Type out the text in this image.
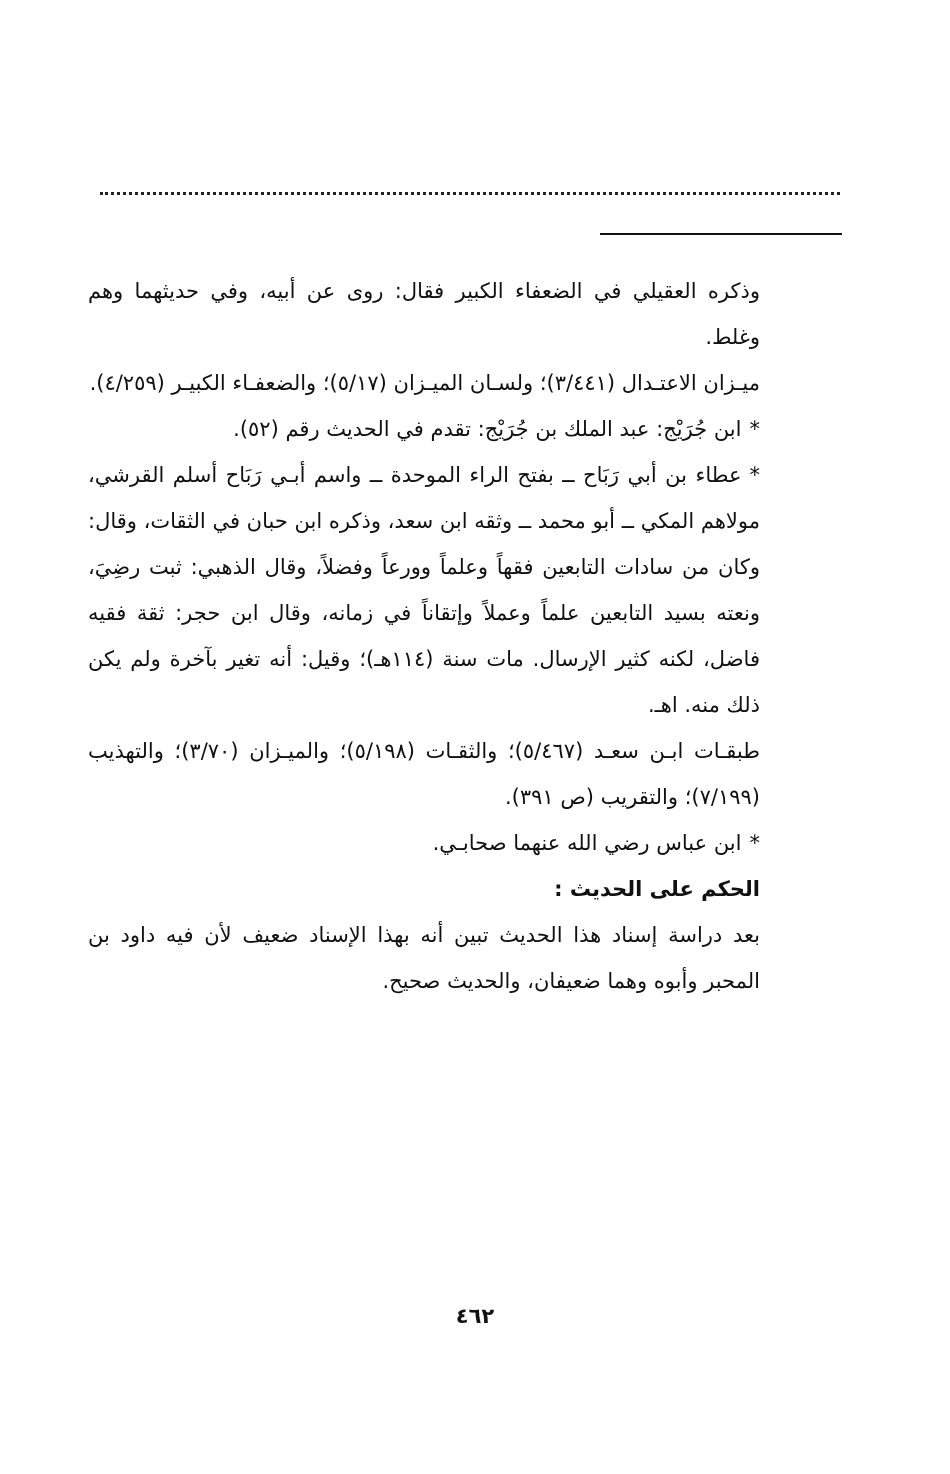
وذكره العقيلي في الضعفاء الكبير فقال: روى عن أبيه، وفي حديثهما وهم وغلط.

ميـزان الاعتـدال (٣/٤٤١)؛ ولسـان الميـزان (٥/١٧)؛ والضعفـاء الكبيـر (٤/٢٥٩).

*ابن جُرَيْج: عبد الملك بن جُرَيْج: تقدم في الحديث رقم (٥٢).

*عطاء بن أبي رَبَاح ــ بفتح الراء الموحدة ــ واسم أبـي رَبَاح أسلم القرشي، مولاهم المكي ــ أبو محمد ــ وثقه ابن سعد، وذكره ابن حبان في الثقات، وقال: وكان من سادات التابعين فقهاً وعلماً وورعاً وفضلاً، وقال الذهبي: ثبت رضِيَ، ونعته بسيد التابعين علماً وعملاً وإتقاناً في زمانه، وقال ابن حجر: ثقة فقيه فاضل، لكنه كثير الإرسال. مات سنة (١١٤هـ)؛ وقيل: أنه تغير بآخرة ولم يكن ذلك منه. اهـ.

طبقـات ابـن سعـد (٥/٤٦٧)؛ والثقـات (٥/١٩٨)؛ والميـزان (٣/٧٠)؛ والتهذيب (٧/١٩٩)؛ والتقريب (ص ٣٩١).

*ابن عباس رضي الله عنهما صحابـي.

الحكم على الحديث :

بعد دراسة إسناد هذا الحديث تبين أنه بهذا الإسناد ضعيف لأن فيه داود بن المحبر وأبوه وهما ضعيفان، والحديث صحيح.

٤٦٢
